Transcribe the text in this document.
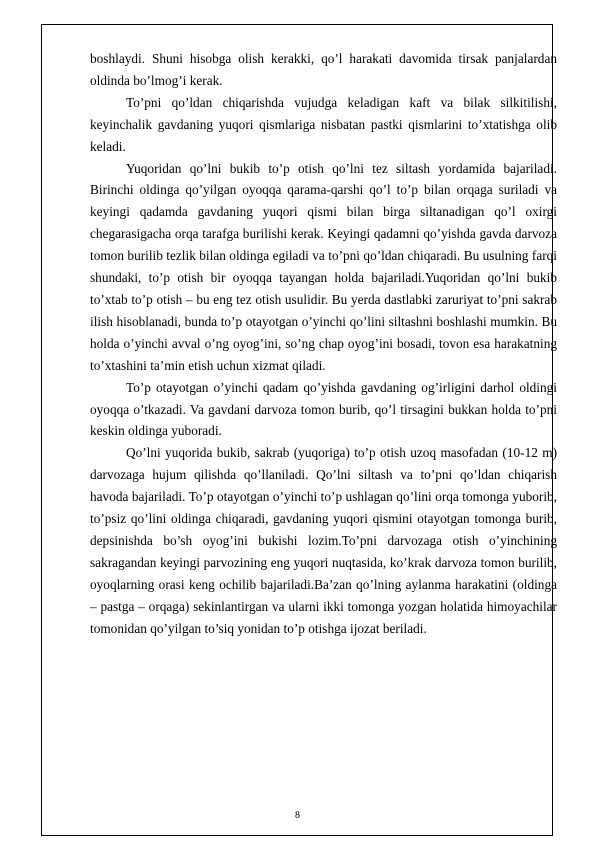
boshlaydi. Shuni hisobga olish kerakki, qo’l harakati davomida tirsak panjalardan oldinda bo’lmog’i kerak.

To’pni qo’ldan chiqarishda vujudga keladigan kaft va bilak silkitilishi, keyinchalik gavdaning yuqori qismlariga nisbatan pastki qismlarini to’xtatishga olib keladi.

Yuqoridan qo’lni bukib to’p otish qo’lni tez siltash yordamida bajariladi. Birinchi oldinga qo’yilgan oyoqqa qarama-qarshi qo’l to’p bilan orqaga suriladi va keyingi qadamda gavdaning yuqori qismi bilan birga siltanadigan qo’l oxirgi chegarasigacha orqa tarafga burilishi kerak. Keyingi qadamni qo’yishda gavda darvoza tomon burilib tezlik bilan oldinga egiladi va to’pni qo’ldan chiqaradi. Bu usulning farqi shundaki, to’p otish bir oyoqqa tayangan holda bajariladi.Yuqoridan qo’lni bukib to’xtab to’p otish – bu eng tez otish usulidir. Bu yerda dastlabki zaruriyat to’pni sakrab ilish hisoblanadi, bunda to’p otayotgan o’yinchi qo’lini siltashni boshlashi mumkin. Bu holda o’yinchi avval o’ng oyog’ini, so’ng chap oyog’ini bosadi, tovon esa harakatning to’xtashini ta’min etish uchun xizmat qiladi.

To’p otayotgan o’yinchi qadam qo’yishda gavdaning og’irligini darhol oldingi oyoqqa o’tkazadi. Va gavdani darvoza tomon burib, qo’l tirsagini bukkan holda to’pni keskin oldinga yuboradi.

Qo’lni yuqorida bukib, sakrab (yuqoriga) to’p otish uzoq masofadan (10-12 m) darvozaga hujum qilishda qo’llaniladi. Qo’lni siltash va to’pni qo’ldan chiqarish havoda bajariladi. To’p otayotgan o’yinchi to’p ushlagan qo’lini orqa tomonga yuborib, to’psiz qo’lini oldinga chiqaradi, gavdaning yuqori qismini otayotgan tomonga burib, depsinishda bo’sh oyog’ini bukishi lozim.To’pni darvozaga otish o’yinchining sakragandan keyingi parvozining eng yuqori nuqtasida, ko’krak darvoza tomon burilib, oyoqlarning orasi keng ochilib bajariladi.Ba’zan qo’lning aylanma harakatini (oldinga – pastga – orqaga) sekinlantirgan va ularni ikki tomonga yozgan holatida himoyachilar tomonidan qo’yilgan to’siq yonidan to’p otishga ijozat beriladi.

8
